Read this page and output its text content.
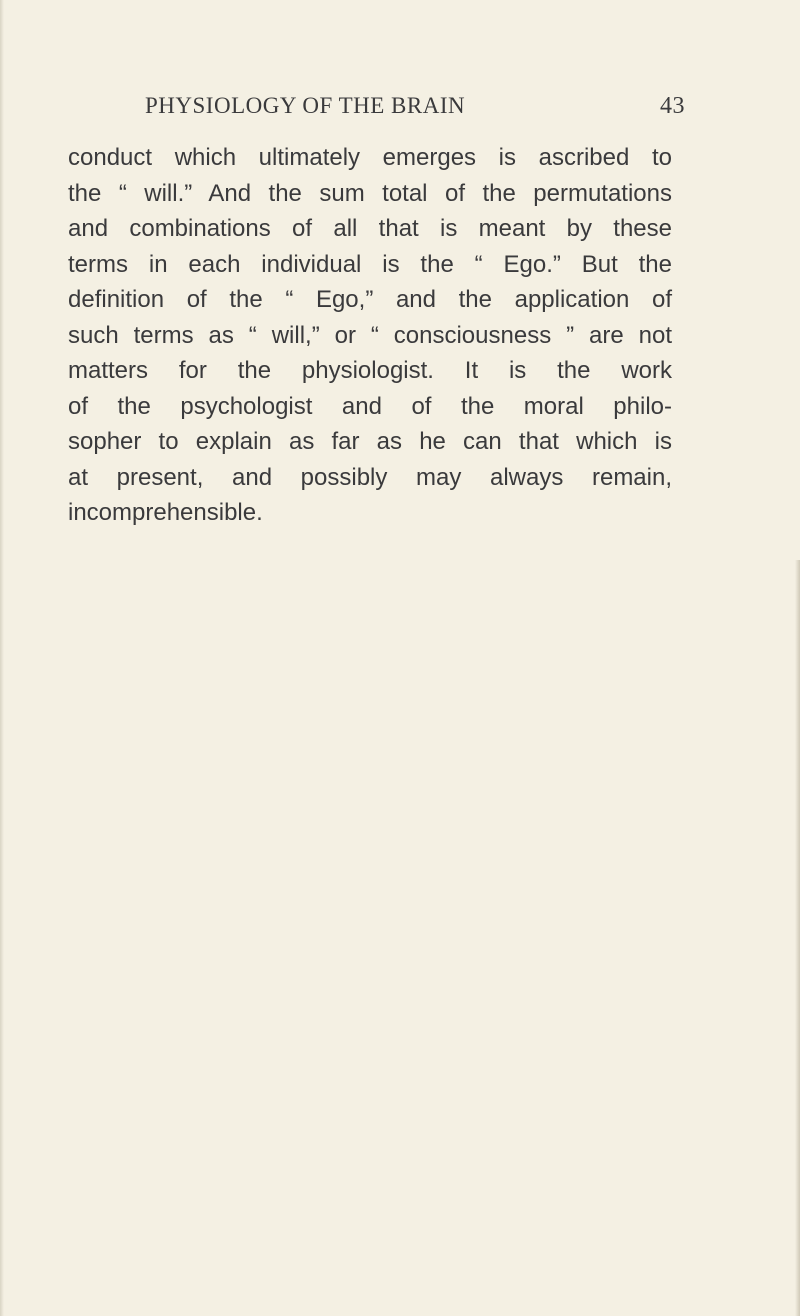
PHYSIOLOGY OF THE BRAIN	43
conduct which ultimately emerges is ascribed to
the “ will.” And the sum total of the permutations
and combinations of all that is meant by these
terms in each individual is the “ Ego.” But the
definition of the “ Ego,” and the application of
such terms as “ will,” or “ consciousness ” are not
matters for the physiologist. It is the work
of the psychologist and of the moral philo-
sopher to explain as far as he can that which is
at present, and possibly may always remain,
incomprehensible.
